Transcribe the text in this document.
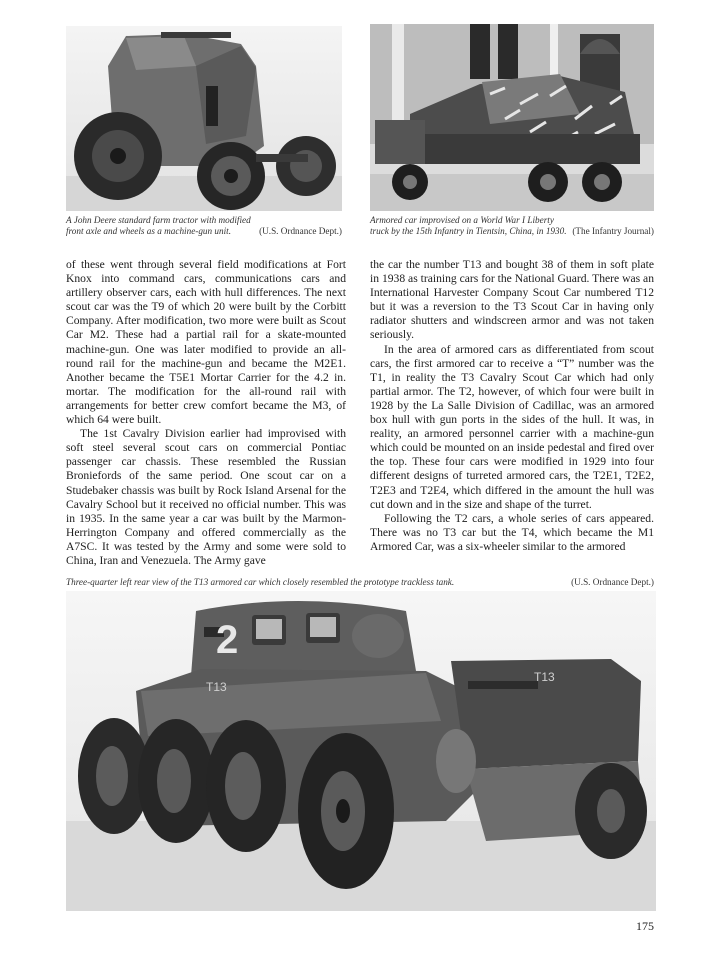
(U.S. Ordnance Dept.)
A John Deere standard farm tractor with modified front axle and wheels as a machine-gun unit.	(The Infantry Journal)
Armored car improvised on a World War I Liberty truck by the 15th Infantry in Tientsin, China, in 1930.

of these went through several field modifications at Fort Knox into command cars, communications cars and artillery observer cars, each with hull differences. The next scout car was the T9 of which 20 were built by the Corbitt Company. After modification, two more were built as Scout Car M2. These had a partial rail for a skate-mounted machine-gun. One was later modified to provide an all-round rail for the machine-gun and became the M2E1. Another became the T5E1 Mortar Carrier for the 4.2 in. mortar. The modification for the all-round rail with arrangements for better crew comfort became the M3, of which 64 were built.

The 1st Cavalry Division earlier had improvised with soft steel several scout cars on commercial Pontiac passenger car chassis. These resembled the Russian Broniefords of the same period. One scout car on a Studebaker chassis was built by Rock Island Arsenal for the Cavalry School but it received no official number. This was in 1935. In the same year a car was built by the Marmon-Herrington Company and offered commercially as the A7SC. It was tested by the Army and some were sold to China, Iran and Venezuela. The Army gave

the car the number T13 and bought 38 of them in soft plate in 1938 as training cars for the National Guard. There was an International Harvester Company Scout Car numbered T12 but it was a reversion to the T3 Scout Car in having only radiator shutters and windscreen armor and was not taken seriously.

In the area of armored cars as differentiated from scout cars, the first armored car to receive a “T” number was the T1, in reality the T3 Cavalry Scout Car which had only partial armor. The T2, however, of which four were built in 1928 by the La Salle Division of Cadillac, was an armored box hull with gun ports in the sides of the hull. It was, in reality, an armored personnel carrier with a machine-gun which could be mounted on an inside pedestal and fired over the top. These four cars were modified in 1929 into four different designs of turreted armored cars, the T2E1, T2E2, T2E3 and T2E4, which differed in the amount the hull was cut down and in the size and shape of the turret.

Following the T2 cars, a whole series of cars appeared. There was no T3 car but the T4, which became the M1 Armored Car, was a six-wheeler similar to the armored

(U.S. Ordnance Dept.)
Three-quarter left rear view of the T13 armored car which closely resembled the prototype trackless tank.
2
T13
T13
175
